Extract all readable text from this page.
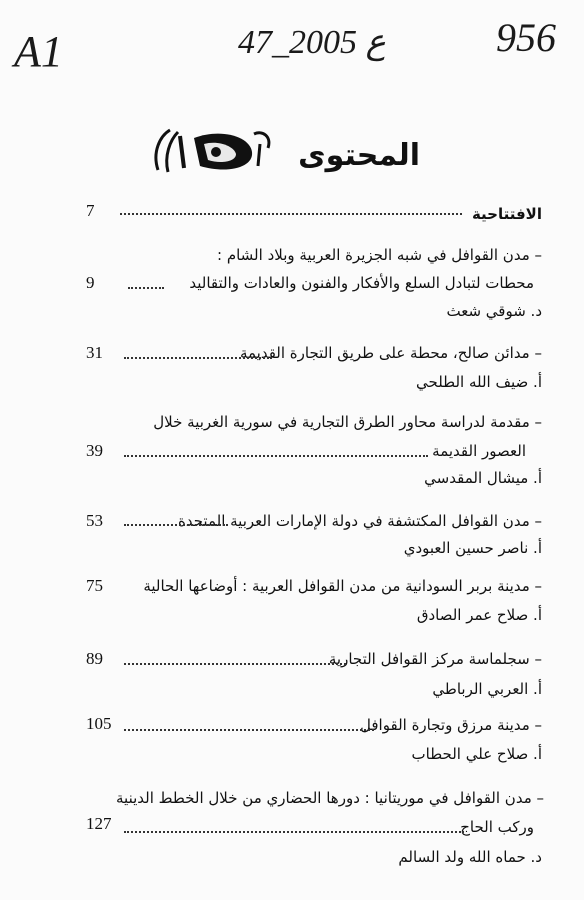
A1	47_ع 2005	956
المحتوى
الافتتاحية
7
– مدن القوافل في شبه الجزيرة العربية وبلاد الشام :
محطات لتبادل السلع والأفكار والفنون والعادات والتقاليد
9
د. شوقي شعث
– مدائن صالح، محطة على طريق التجارة القديمة
31
أ. ضيف الله الطلحي
– مقدمة لدراسة محاور الطرق التجارية في سورية الغربية خلال
العصور القديمة
39
أ. ميشال المقدسي
– مدن القوافل المكتشفة في دولة الإمارات العربية المتحدة
53
أ. ناصر حسين العبودي
– مدينة بربر السودانية من مدن القوافل العربية : أوضاعها الحالية
75
أ. صلاح عمر الصادق
– سجلماسة مركز القوافل التجارية
89
أ. العربي الرباطي
– مدينة مرزق وتجارة القوافل
105
أ. صلاح علي الحطاب
– مدن القوافل في موريتانيا : دورها الحضاري من خلال الخطط الدينية
وركب الحاج
127
د. حماه الله ولد السالم
